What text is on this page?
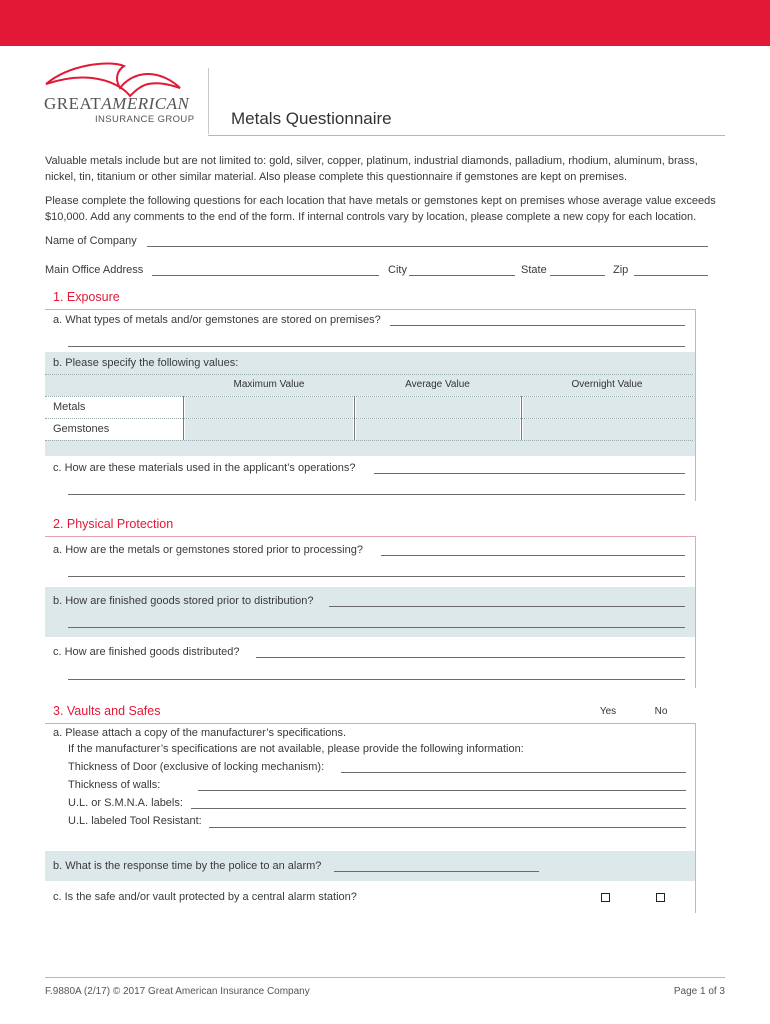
GREATAMERICAN
INSURANCE GROUP Metals Questionnaire
Valuable metals include but are not limited to: gold, silver, copper, platinum, industrial diamonds, palladium, rhodium, aluminum, brass, nickel, tin, titanium or other similar material. Also please complete this questionnaire if gemstones are kept on premises.
Please complete the following questions for each location that have metals or gemstones kept on premises whose average value exceeds $10,000. Add any comments to the end of the form. If internal controls vary by location, please complete a new copy for each location.
Name of Company
Main Office Address	City	State	Zip
1. Exposure
a. What types of metals and/or gemstones are stored on premises?
b. Please specify the following values:
Maximum Value	Average Value	Overnight Value
Metals
Gemstones
c. How are these materials used in the applicant’s operations?
2. Physical Protection
a. How are the metals or gemstones stored prior to processing?
b. How are finished goods stored prior to distribution?
c. How are finished goods distributed?
3. Vaults and Safes	Yes	No
a. Please attach a copy of the manufacturer’s specifications.
If the manufacturer’s specifications are not available, please provide the following information:
Thickness of Door (exclusive of locking mechanism):
Thickness of walls:
U.L. or S.M.N.A. labels:
U.L. labeled Tool Resistant:
b. What is the response time by the police to an alarm?
c. Is the safe and/or vault protected by a central alarm station?
F.9880A (2/17) © 2017 Great American Insurance Company	Page 1 of 3
